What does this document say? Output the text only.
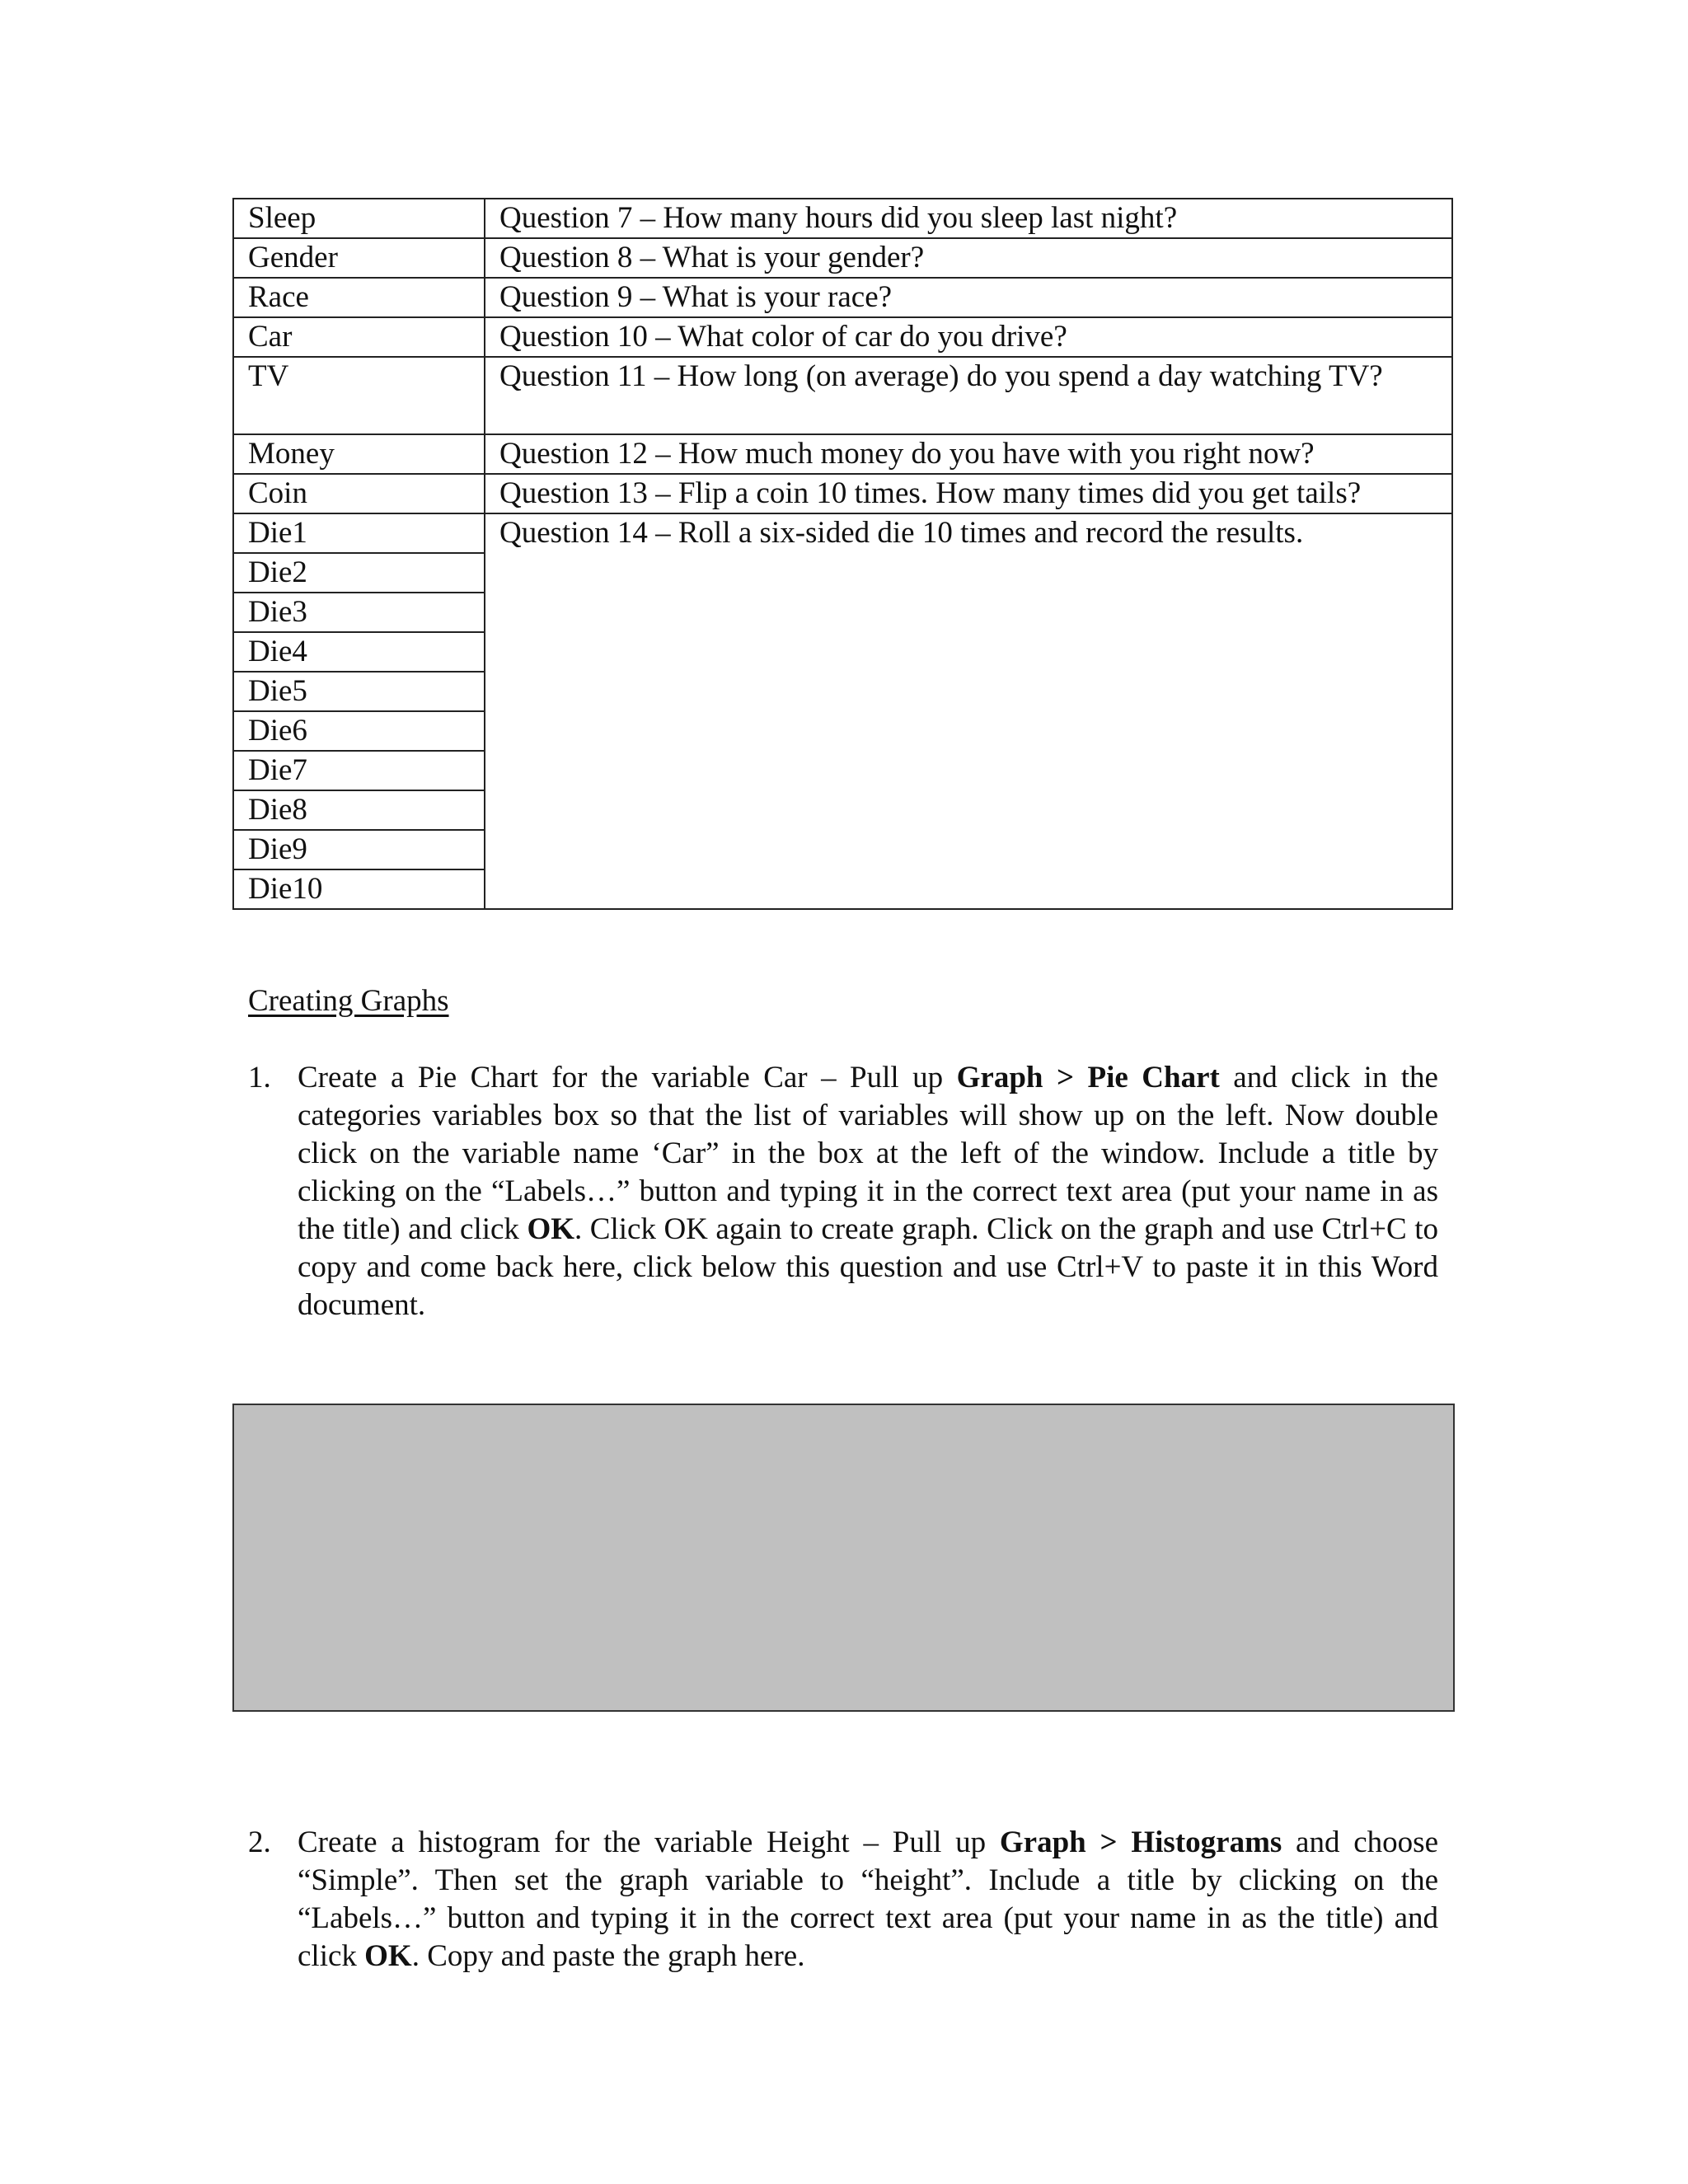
Sleep	Question 7 – How many hours did you sleep last night?
Gender	Question 8 – What is your gender?
Race	Question 9 – What is your race?
Car	Question 10 – What color of car do you drive?
TV	Question 11 – How long (on average) do you spend a day watching TV?
Money	Question 12 – How much money do you have with you right now?
Coin	Question 13 – Flip a coin 10 times. How many times did you get tails?
Die1	Question 14 – Roll a six-sided die 10 times and record the results.
Die2	
Die3	
Die4	
Die5	
Die6	
Die7	
Die8	
Die9	
Die10	
Creating Graphs
1. Create a Pie Chart for the variable Car – Pull up Graph > Pie Chart and click in the categories variables box so that the list of variables will show up on the left. Now double click on the variable name ‘Car” in the box at the left of the window. Include a title by clicking on the “Labels…” button and typing it in the correct text area (put your name in as the title) and click OK. Click OK again to create graph. Click on the graph and use Ctrl+C to copy and come back here, click below this question and use Ctrl+V to paste it in this Word document.
2. Create a histogram for the variable Height – Pull up Graph > Histograms and choose “Simple”. Then set the graph variable to “height”. Include a title by clicking on the “Labels…” button and typing it in the correct text area (put your name in as the title) and click OK. Copy and paste the graph here.
